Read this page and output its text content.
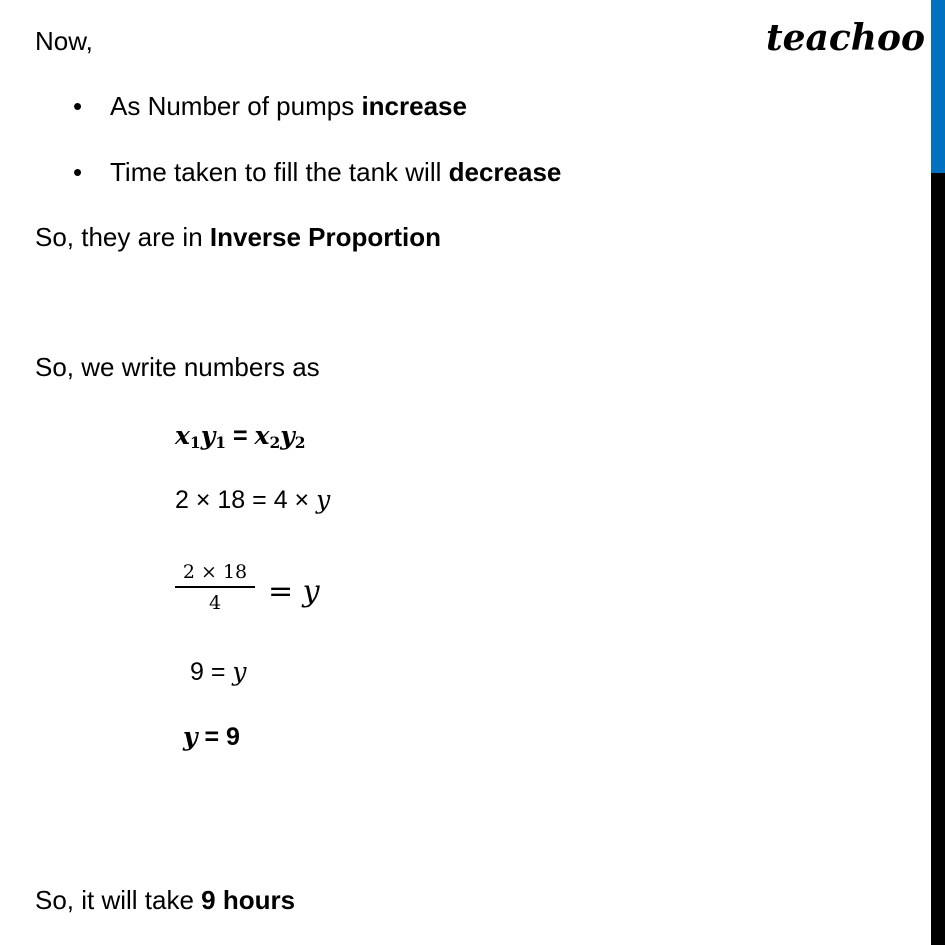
teachoo
Now,
• As Number of pumps increase
• Time taken to fill the tank will decrease
So, they are in Inverse Proportion
So, we write numbers as
$x_1y_1 = x_2y_2$
2 × 18 = 4 × y
2 × 18
4	= y
9 = y
y = 9
So, it will take 9 hours
